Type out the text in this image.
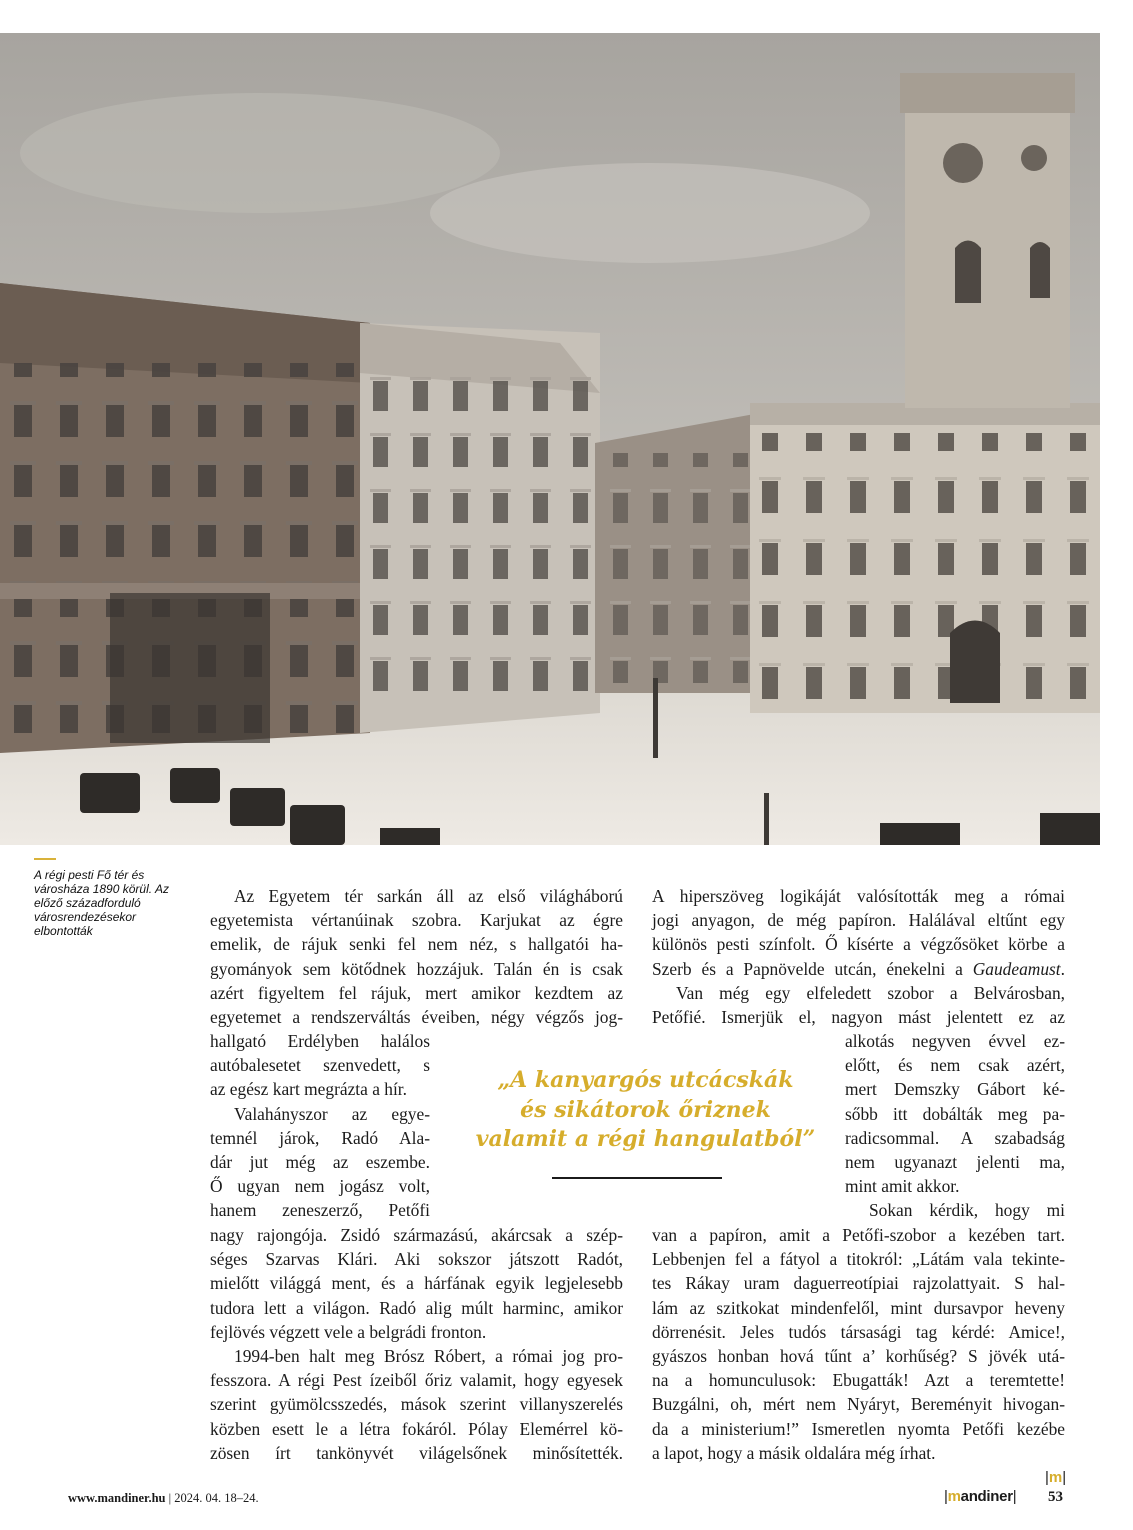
A régi pesti Fő tér és városháza 1890 körül. Az előző századforduló városrendezésekor elbontották

Az Egyetem tér sarkán áll az első világháború

egyetemista vértanúinak szobra. Karjukat az égre

emelik, de rájuk senki fel nem néz, s hallgatói ha-

gyományok sem kötődnek hozzájuk. Talán én is csak

azért figyeltem fel rájuk, mert amikor kezdtem az

egyetemet a rendszerváltás éveiben, négy végzős jog-

hallgató Erdélyben halálos

autóbalesetet szenvedett, s

az egész kart megrázta a hír.

Valahányszor az egye-

temnél járok, Radó Ala-

dár jut még az eszembe.

Ő ugyan nem jogász volt,

hanem zeneszerző, Petőfi

nagy rajongója. Zsidó származású, akárcsak a szép-

séges Szarvas Klári. Aki sokszor játszott Radót,

mielőtt világgá ment, és a hárfának egyik legjelesebb

tudora lett a világon. Radó alig múlt harminc, amikor

fejlövés végzett vele a belgrádi fronton.

1994-ben halt meg Brósz Róbert, a római jog pro-

fesszora. A régi Pest ízeiből őriz valamit, hogy egyesek

szerint gyümölcsszedés, mások szerint villanyszerelés

közben esett le a létra fokáról. Pólay Elemérrel kö-

zösen írt tankönyvét világelsőnek minősítették.

A hiperszöveg logikáját valósították meg a római

jogi anyagon, de még papíron. Halálával eltűnt egy

különös pesti színfolt. Ő kísérte a végzősöket körbe a

Szerb és a Papnövelde utcán, énekelni a Gaudeamust.

Van még egy elfeledett szobor a Belvárosban,

Petőfié. Ismerjük el, nagyon mást jelentett ez az

alkotás negyven évvel ez-

előtt, és nem csak azért,

mert Demszky Gábort ké-

sőbb itt dobálták meg pa-

radicsommal. A szabadság

nem ugyanazt jelenti ma,

mint amit akkor.

Sokan kérdik, hogy mi

van a papíron, amit a Petőfi-szobor a kezében tart.

Lebbenjen fel a fátyol a titokról: „Látám vala tekinte-

tes Rákay uram daguerreotípiai rajzolattyait. S hal-

lám az szitkokat mindenfelől, mint dursavpor heveny

dörrenésit. Jeles tudós társasági tag kérdé: Amice!,

gyászos honban hová tűnt a’ korhűség? S jövék utá-

na a homunculusok: Ebugatták! Azt a teremtette!

Buzgálni, oh, mért nem Nyáryt, Bereményit hivogan-

da a ministerium!” Ismeretlen nyomta Petőfi kezébe

a lapot, hogy a másik oldalára még írhat.

„A kanyargós utcácskák
és sikátorok őriznek
valamit a régi hangulatból”
|m|
www.mandiner.hu | 2024. 04. 18–24.	|mandiner| 53
